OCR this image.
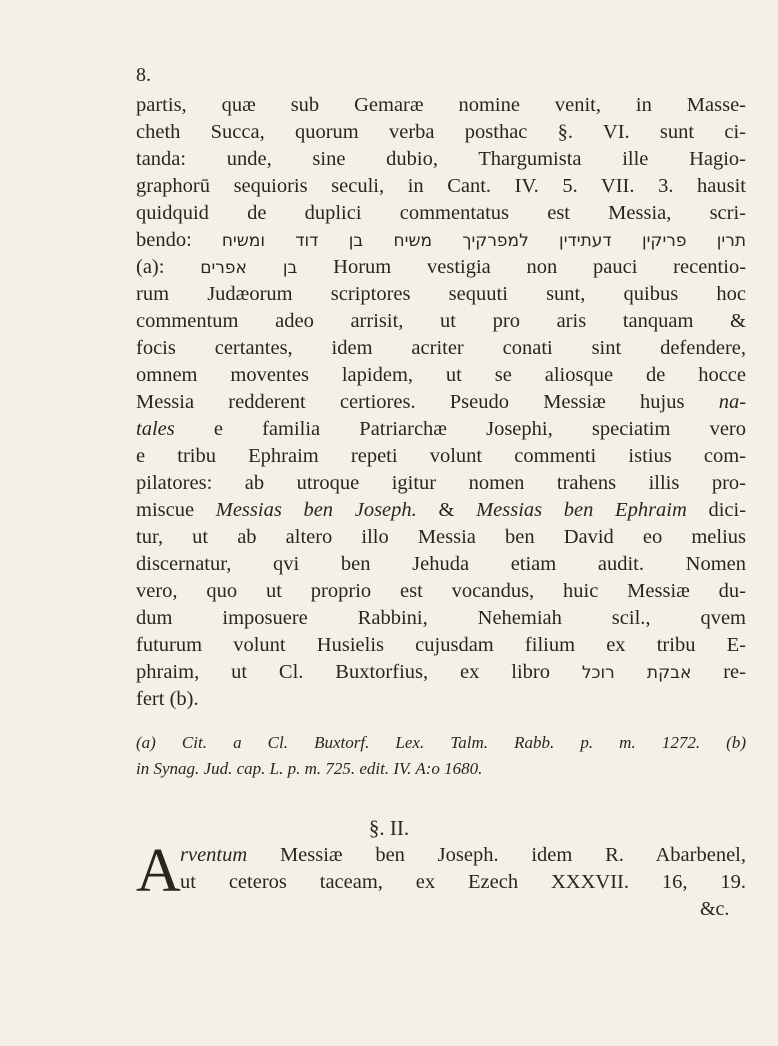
8.
partis, quæ sub Gemaræ nomine venit, in Masse-
cheth Succa, quorum verba posthac §. VI. sunt ci-
tanda: unde, sine dubio, Thargumista ille Hagio-
graphorū sequioris seculi, in Cant. IV. 5. VII. 3. hausit
quidquid de duplici commentatus est Messia, scri-
bendo: תרין פריקין דעתידין למפרקיך משיח בן דוד ומשיח
(a): בן אפרים Horum vestigia non pauci recentio-
rum Judæorum scriptores sequuti sunt, quibus hoc
commentum adeo arrisit, ut pro aris tanquam &
focis certantes, idem acriter conati sint defendere,
omnem moventes lapidem, ut se aliosque de hocce
Messia redderent certiores. Pseudo Messiæ hujus na-
tales e familia Patriarchæ Josephi, speciatim vero
e tribu Ephraim repeti volunt commenti istius com-
pilatores: ab utroque igitur nomen trahens illis pro-
miscue Messias ben Joseph. & Messias ben Ephraim dici-
tur, ut ab altero illo Messia ben David eo melius
discernatur, qvi ben Jehuda etiam audit. Nomen
vero, quo ut proprio est vocandus, huic Messiæ du-
dum imposuere Rabbini, Nehemiah scil., qvem
futurum volunt Husielis cujusdam filium ex tribu E-
phraim, ut Cl. Buxtorfius, ex libro אבקת רוכל re-
fert (b).
(a) Cit. a Cl. Buxtorf. Lex. Talm. Rabb. p. m. 1272. (b)
in Synag. Jud. cap. L. p. m. 725. edit. IV. A:o 1680.
§. II.
A rventum Messiæ ben Joseph. idem R. Abarbenel,
ut ceteros taceam, ex Ezech XXXVII. 16, 19.
&c.
